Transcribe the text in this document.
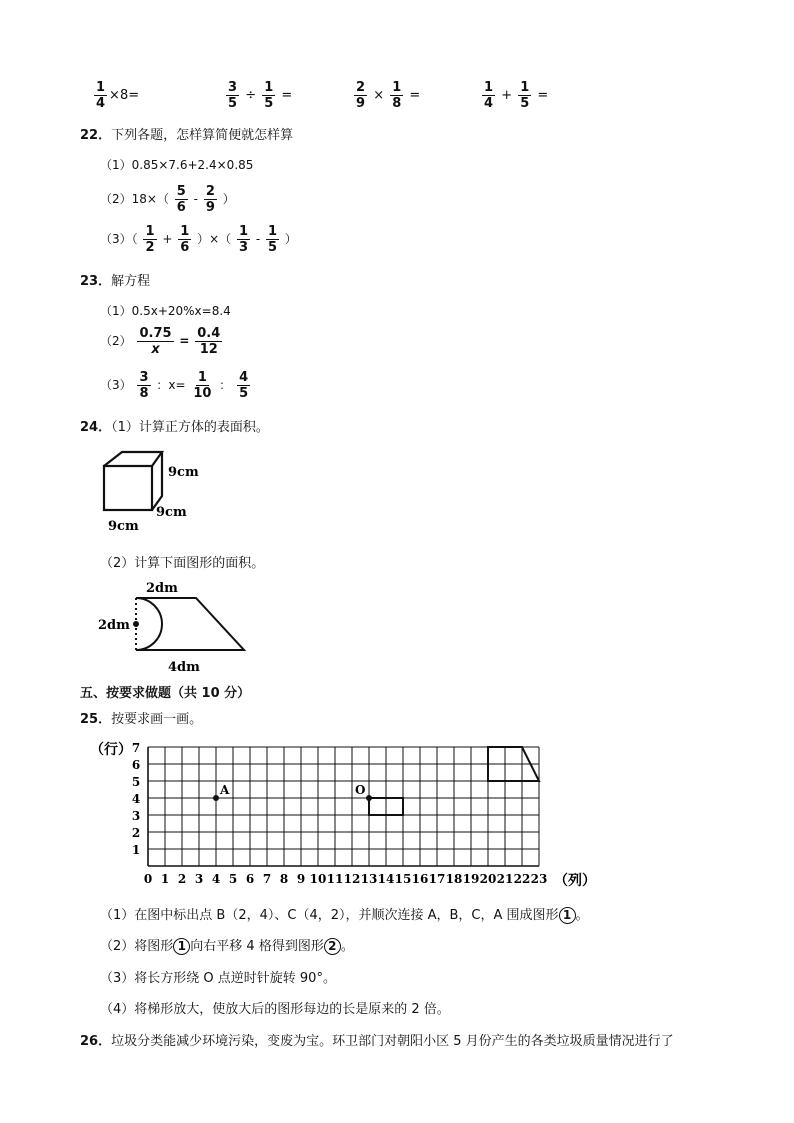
$\frac{1}{4} \times 8=$	$\frac{3}{5} \div \frac{1}{5}$ =	$\frac{2}{9} \times \frac{1}{8}$ =	$\frac{1}{4} + \frac{1}{5}$ =
22．下列各题，怎样算简便就怎样算
（1）0.85×7.6+2.4×0.85
$(2)18\times( \frac{5}{6} - \frac{2}{9}$ ）
$(3)( \frac{1}{2} + \frac{1}{6}$ ）×（ $\frac{1}{3} - \frac{1}{5}$ ）
23．解方程
（1）0.5x+20%x=8.4
$(2) \frac{0.75}{x} = \frac{0.4}{12}$
$(3) \frac{3}{8}$ ：$x= \frac{1}{10}$ ： $\frac{4}{5}$
24．（1）计算正方体的表面积。
9cm
9cm
9cm
（2）计算下面图形的面积。
2dm
2dm
4dm
五、按要求做题（共 10 分）
25．按要求画一画。
（行）
1
2
3
4
5
6
7
0 1 2 3 4 5 6 7 8 9 10 11 12 13 14 15 16 17 18 19 20 21 22 23 （列）
A	O
（1）在图中标出点 B（2，4）、C（4，2），并顺次连接 A，B，C，A 围成图形 1 。
（2）将图形 1 向右平移 4 格得到图形 2 。
（3）将长方形绕 O 点逆时针旋转 90°。
（4）将梯形放大，使放大后的图形每边的长是原来的 2 倍。
26．垃圾分类能减少环境污染，变废为宝。环卫部门对朝阳小区 5 月份产生的各类垃圾质量情况进行了
